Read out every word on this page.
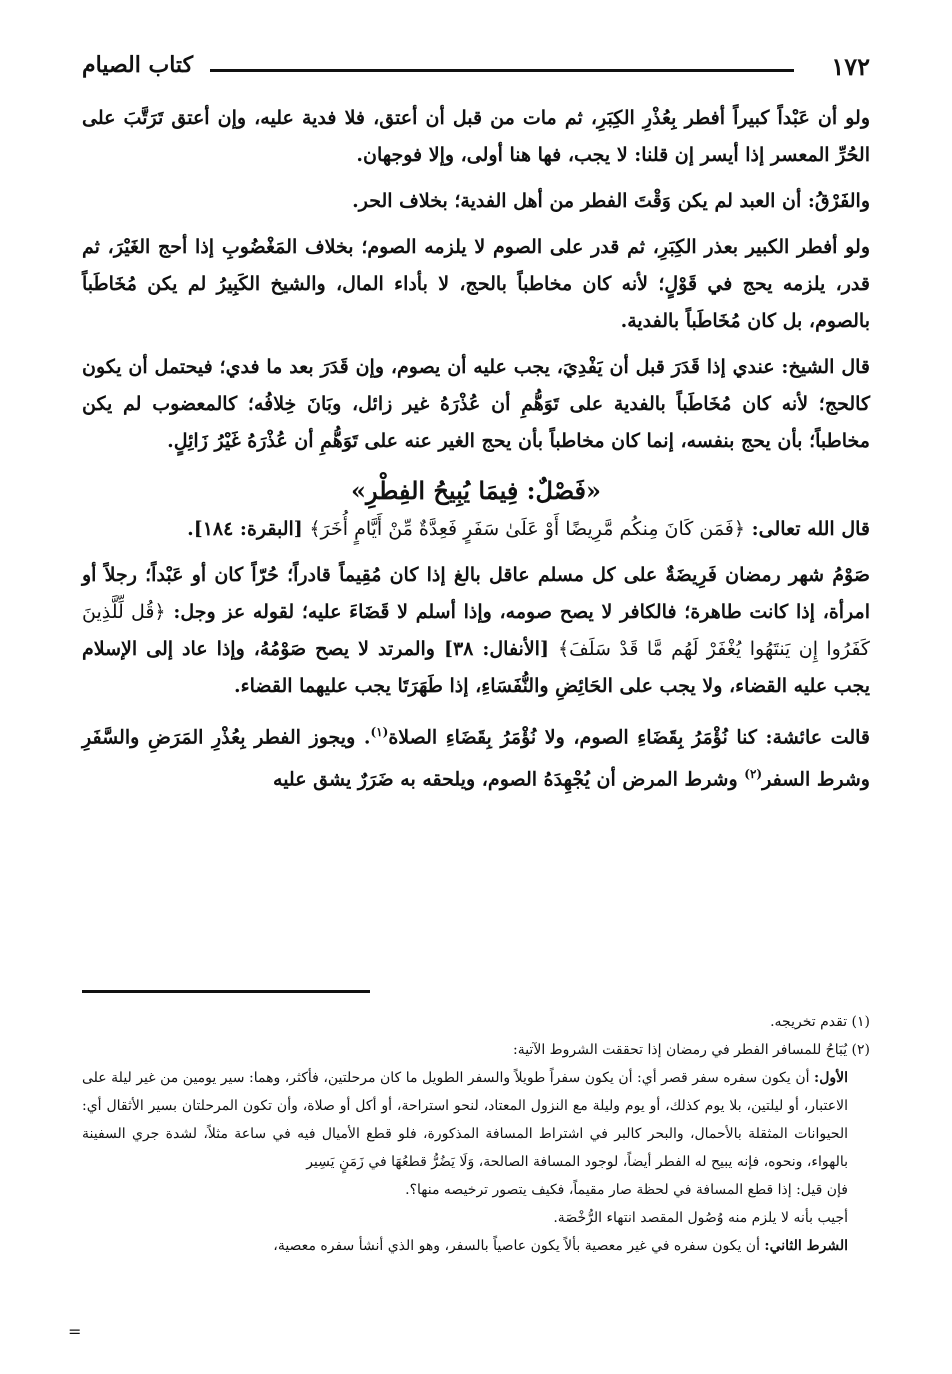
١٧٢
كتاب الصيام

ولو أن عَبْداً كبيراً أفطر بِعُذْرِ الكِبَرِ، ثم مات من قبل أن أعتق، فلا فدية عليه، وإن أعتق تَرَتَّبَ على الحُرِّ المعسر إذا أيسر إن قلنا: لا يجب، فها هنا أولى، وإلا فوجهان.

والفَرْقُ: أن العبد لم يكن وَقْتَ الفطر من أهل الفدية؛ بخلاف الحر.

ولو أفطر الكبير بعذر الكِبَرِ، ثم قدر على الصوم لا يلزمه الصوم؛ بخلاف المَغْضُوبِ إذا أحج الغَيْرَ، ثم قدر، يلزمه يحج في قَوْلٍ؛ لأنه كان مخاطباً بالحج، لا بأداء المال، والشيخ الكَبِيرُ لم يكن مُخَاطَباً بالصوم، بل كان مُخَاطَباً بالفدية.

قال الشيخ: عندي إذا قَدَرَ قبل أن يَفْدِيَ، يجب عليه أن يصوم، وإن قَدَرَ بعد ما فدي؛ فيحتمل أن يكون كالحج؛ لأنه كان مُخَاطَباً بالفدية على تَوَهُّمِ أن عُذْرَهُ غير زائل، وبَانَ خِلافُه؛ كالمعضوب لم يكن مخاطباً؛ بأن يحج بنفسه، إنما كان مخاطباً بأن يحج الغير عنه على تَوَهُّمِ أن عُذْرَهُ غَيْرُ زَائِلٍ.

«فَصْلٌ: فِيمَا يُبِيحُ الفِطْرِ»

قال الله تعالى: ﴿فَمَن كَانَ مِنكُم مَّرِيضًا أَوْ عَلَىٰ سَفَرٍ فَعِدَّةٌ مِّنْ أَيَّامٍ أُخَرَ﴾ [البقرة: ١٨٤].

صَوْمُ شهر رمضان فَرِيضَةٌ على كل مسلم عاقل بالغ إذا كان مُقِيماً قادراً؛ حُرّاً كان أو عَبْداً؛ رجلاً أو امرأة، إذا كانت طاهرة؛ فالكافر لا يصح صومه، وإذا أسلم لا قَضَاءَ عليه؛ لقوله عز وجل: ﴿قُل لِّلَّذِينَ كَفَرُوا إِن يَنتَهُوا يُغْفَرْ لَهُم مَّا قَدْ سَلَفَ﴾ [الأنفال: ٣٨] والمرتد لا يصح صَوْمُهُ، وإذا عاد إلى الإسلام يجب عليه القضاء، ولا يجب على الحَائِضِ والنُّفَسَاءِ، إذا طَهَرَتَا يجب عليهما القضاء.

قالت عائشة: كنا نُؤْمَرُ بِقَضَاءِ الصوم، ولا نُؤْمَرُ بِقَضَاءِ الصلاة$^{(١)}$. ويجوز الفطر بِعُذْرِ المَرَضِ والسَّفَرِ وشرط السفر$^{(٢)}$ وشرط المرض أن يُجْهِدَهُ الصوم، ويلحقه به ضَرَرٌ يشق عليه

(١) تقدم تخريجه.
(٢) يُبَاحُ للمسافر الفطر في رمضان إذا تحققت الشروط الآتية:
الأول: أن يكون سفره سفر قصر أي: أن يكون سفراً طويلاً والسفر الطويل ما كان مرحلتين، فأكثر، وهما: سير يومين من غير ليلة على الاعتبار، أو ليلتين، بلا يوم كذلك، أو يوم وليلة مع النزول المعتاد، لنحو استراحة، أو أكل أو صلاة، وأن تكون المرحلتان بسير الأثقال أي: الحيوانات المثقلة بالأحمال، والبحر كالبر في اشتراط المسافة المذكورة، فلو قطع الأميال فيه في ساعة مثلاً، لشدة جري السفينة بالهواء، ونحوه، فإنه يبيح له الفطر أيضاً، لوجود المسافة الصالحة، وَلَا يَضُرُّ قطعُهَا في زَمَنٍ يَسِير
فإن قيل: إذا قطع المسافة في لحظة صار مقيماً، فكيف يتصور ترخيصه منها؟.
أجيب بأنه لا يلزم منه وُصُول المقصد انتهاء الرُّخْصَة.
الشرط الثاني: أن يكون سفره في غير معصية بألاً يكون عاصياً بالسفر، وهو الذي أنشأ سفره معصية،
=
